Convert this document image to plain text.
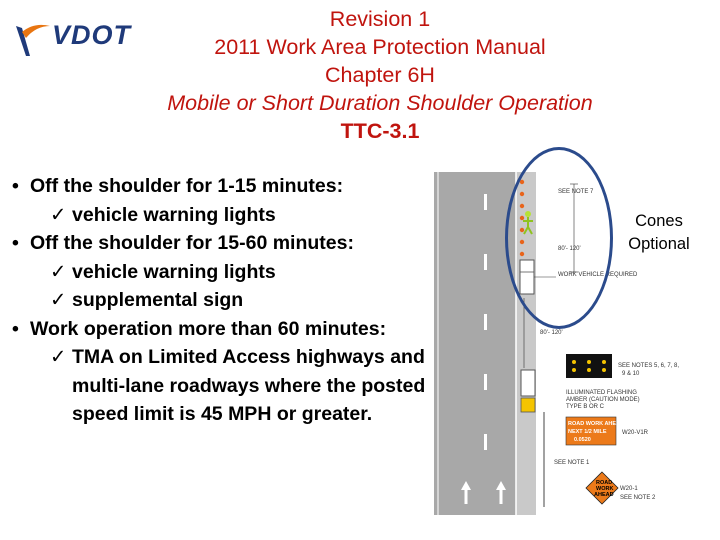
VDOT
Revision 1
2011 Work Area Protection Manual
Chapter 6H
Mobile or Short Duration Shoulder Operation
TTC-3.1
• Off the shoulder for 1-15 minutes:
✓ vehicle warning lights
• Off the shoulder for 15-60 minutes:
✓ vehicle warning lights
✓ supplemental sign
• Work operation more than 60 minutes:
✓ TMA on Limited Access highways and multi-lane roadways where the posted speed limit is 45 MPH or greater.
80'- 120'
SEE NOTE 7
WORK VEHICLE REQUIRED
80'- 120'
SEE NOTES 5, 6, 7, 8,
9 & 10
ILLUMINATED FLASHING
AMBER (CAUTION MODE)
TYPE B OR C
ROAD WORK AHEAD
NEXT 1/2 MILE
0.0520
W20-V1R
SEE NOTE 1
ROAD
WORK
AHEAD
W20-1
SEE NOTE 2
Cones
Optional
